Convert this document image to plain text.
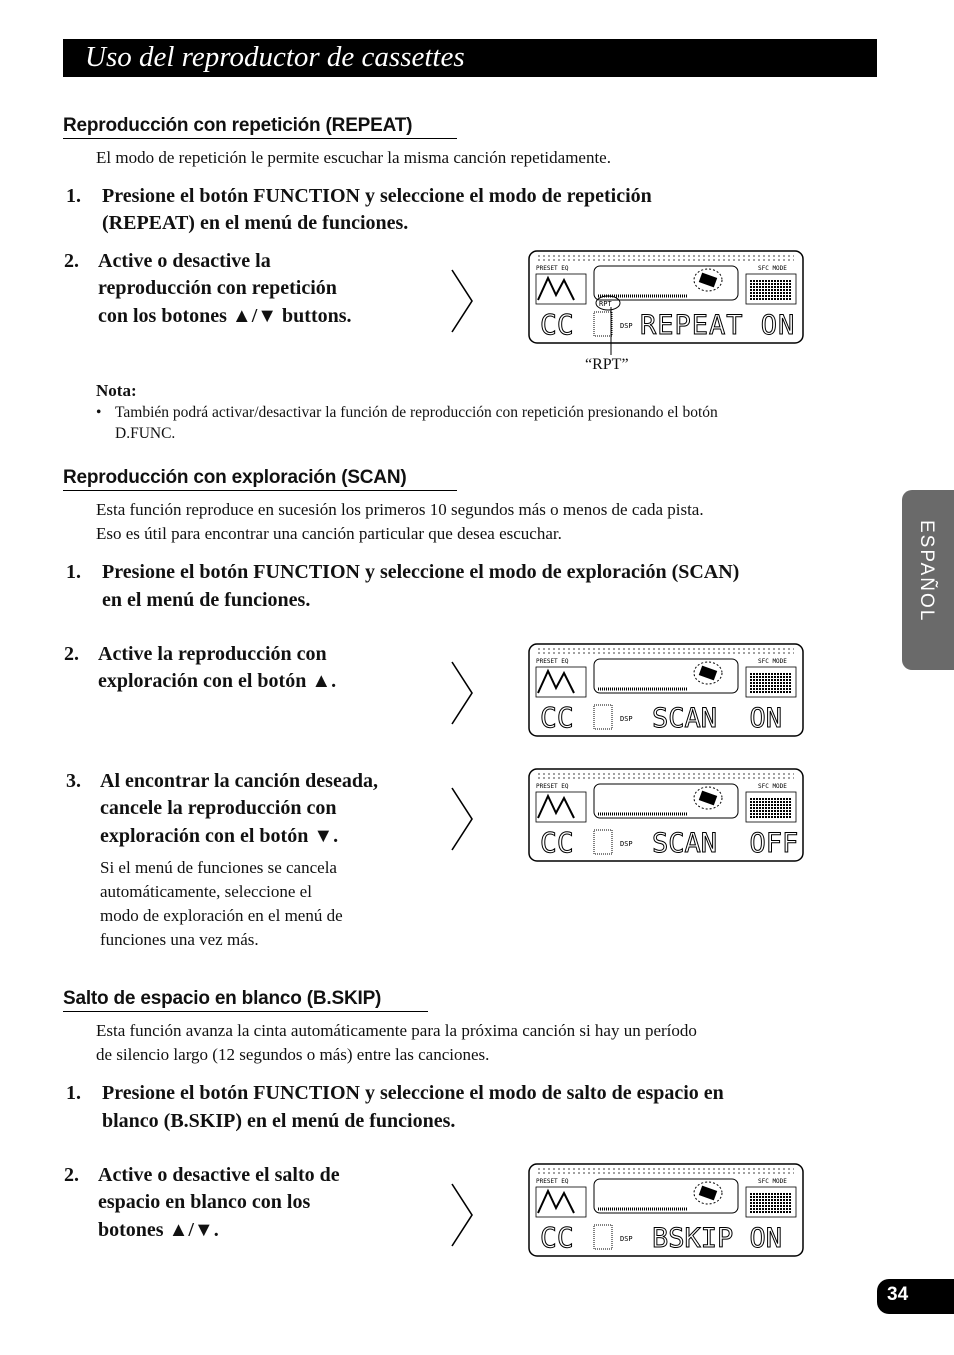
Uso del reproductor de cassettes
Reproducción con repetición (REPEAT)
El modo de repetición le permite escuchar la misma canción repetidamente.
1. Presione el botón FUNCTION y seleccione el modo de repetición
(REPEAT) en el menú de funciones.
2. Active o desactive la
reproducción con repetición
con los botones ▲/▼ buttons.
PRESET EQ	SFC MODE
RPT
CC	DSP REPEAT ON
“RPT”
Nota:
• También podrá activar/desactivar la función de reproducción con repetición presionando el botón
D.FUNC.
Reproducción con exploración (SCAN)
Esta función reproduce en sucesión los primeros 10 segundos más o menos de cada pista.
Eso es útil para encontrar una canción particular que desea escuchar.
1. Presione el botón FUNCTION y seleccione el modo de exploración (SCAN)
en el menú de funciones.
2. Active la reproducción con
exploración con el botón ▲.
PRESET EQ	SFC MODE
CC	DSP SCAN  ON
3. Al encontrar la canción deseada,
cancele la reproducción con
exploración con el botón ▼.
Si el menú de funciones se cancela
automáticamente, seleccione el
modo de exploración en el menú de
funciones una vez más.
PRESET EQ	SFC MODE
CC	DSP SCAN  OFF
Salto de espacio en blanco (B.SKIP)
Esta función avanza la cinta automáticamente para la próxima canción si hay un período
de silencio largo (12 segundos o más) entre las canciones.
1. Presione el botón FUNCTION y seleccione el modo de salto de espacio en
blanco (B.SKIP) en el menú de funciones.
2. Active o desactive el salto de
espacio en blanco con los
botones ▲/▼.
PRESET EQ	SFC MODE
CC	DSP BSKIP ON
ESPAÑOL
34
